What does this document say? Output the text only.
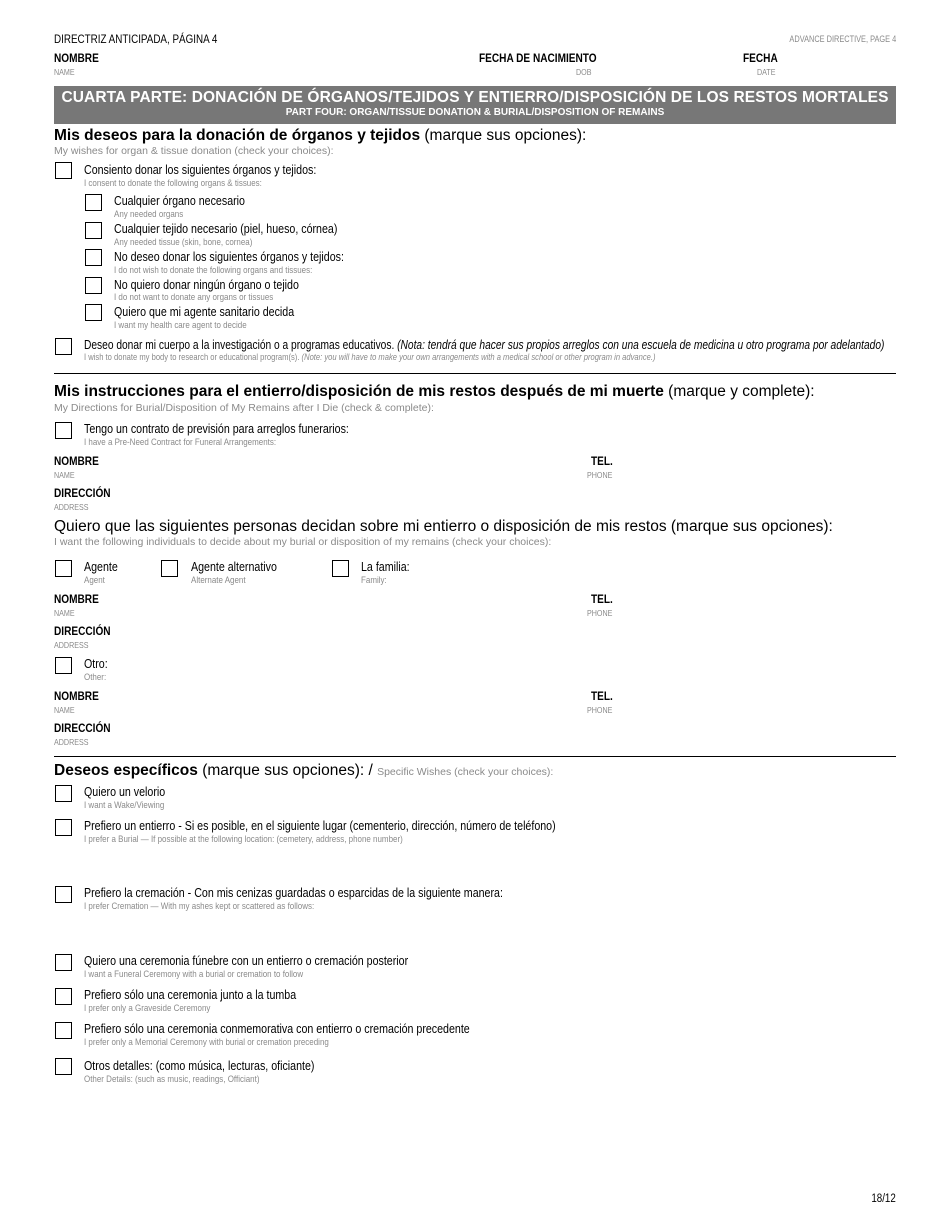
DIRECTRIZ ANTICIPADA, PÁGINA 4	ADVANCE DIRECTIVE, PAGE 4
NOMBRE
NAME
FECHA DE NACIMIENTO
DOB
FECHA
DATE
CUARTA PARTE: DONACIÓN DE ÓRGANOS/TEJIDOS Y ENTIERRO/DISPOSICIÓN DE LOS RESTOS MORTALES
PART FOUR: ORGAN/TISSUE DONATION & BURIAL/DISPOSITION OF REMAINS
Mis deseos para la donación de órganos y tejidos (marque sus opciones):
My wishes for organ & tissue donation (check your choices):
Consiento donar los siguientes órganos y tejidos:
I consent to donate the following organs & tissues:
Cualquier órgano necesario
Any needed organs
Cualquier tejido necesario (piel, hueso, córnea)
Any needed tissue (skin, bone, cornea)
No deseo donar los siguientes órganos y tejidos:
I do not wish to donate the following organs and tissues:
No quiero donar ningún órgano o tejido
I do not want to donate any organs or tissues
Quiero que mi agente sanitario decida
I want my health care agent to decide
Deseo donar mi cuerpo a la investigación o a programas educativos. (Nota: tendrá que hacer sus propios arreglos con una escuela de medicina u otro programa por adelantado)
I wish to donate my body to research or educational program(s). (Note: you will have to make your own arrangements with a medical school or other program in advance.)
Mis instrucciones para el entierro/disposición de mis restos después de mi muerte (marque y complete):
My Directions for Burial/Disposition of My Remains after I Die (check & complete):
Tengo un contrato de previsión para arreglos funerarios:
I have a Pre-Need Contract for Funeral Arrangements:
NOMBRE
NAME
TEL.
PHONE
DIRECCIÓN
ADDRESS
Quiero que las siguientes personas decidan sobre mi entierro o disposición de mis restos (marque sus opciones):
I want the following individuals to decide about my burial or disposition of my remains (check your choices):
Agente
Agent
Agente alternativo
Alternate Agent
La familia:
Family:
NOMBRE
NAME
TEL.
PHONE
DIRECCIÓN
ADDRESS
Otro:
Other:
NOMBRE
NAME
TEL.
PHONE
DIRECCIÓN
ADDRESS
Deseos específicos (marque sus opciones): / Specific Wishes (check your choices):
Quiero un velorio
I want a Wake/Viewing
Prefiero un entierro - Si es posible, en el siguiente lugar (cementerio, dirección, número de teléfono)
I prefer a Burial — If possible at the following location: (cemetery, address, phone number)
Prefiero la cremación - Con mis cenizas guardadas o esparcidas de la siguiente manera:
I prefer Cremation — With my ashes kept or scattered as follows:
Quiero una ceremonia fúnebre con un entierro o cremación posterior
I want a Funeral Ceremony with a burial or cremation to follow
Prefiero sólo una ceremonia junto a la tumba
I prefer only a Graveside Ceremony
Prefiero sólo una ceremonia conmemorativa con entierro o cremación precedente
I prefer only a Memorial Ceremony with burial or cremation preceding
Otros detalles: (como música, lecturas, oficiante)
Other Details: (such as music, readings, Officiant)
18/12
